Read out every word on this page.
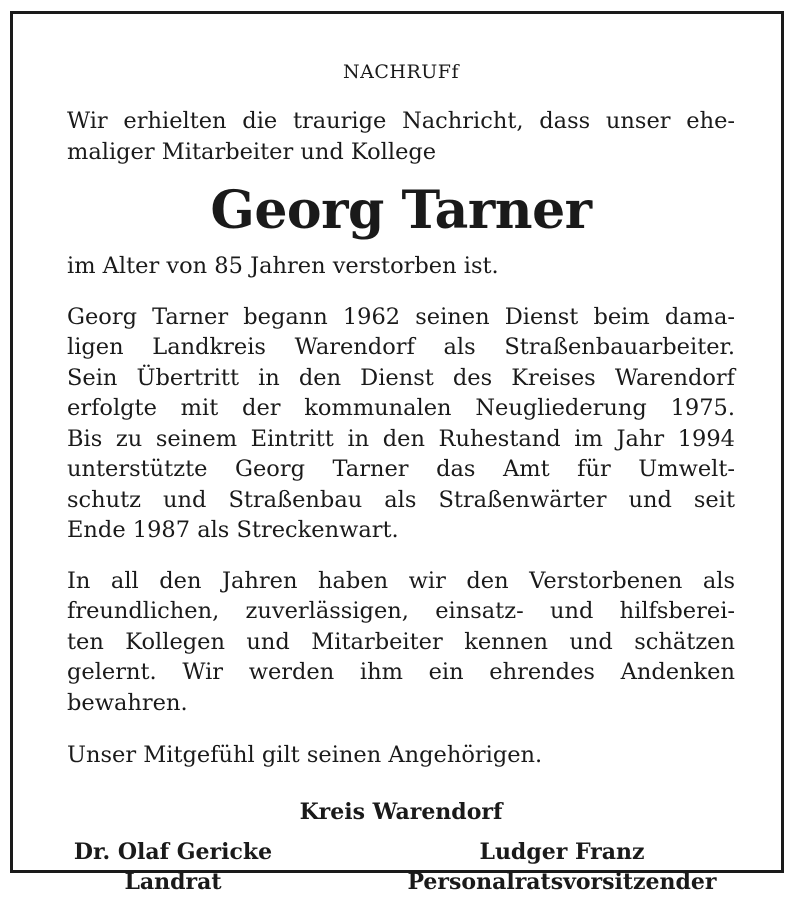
NACHRUFf

Wir erhielten die traurige Nachricht, dass unser ehe-
maliger Mitarbeiter und Kollege

Georg Tarner

im Alter von 85 Jahren verstorben ist.

Georg Tarner begann 1962 seinen Dienst beim dama-
ligen Landkreis Warendorf als Straßenbauarbeiter.
Sein Übertritt in den Dienst des Kreises Warendorf
erfolgte mit der kommunalen Neugliederung 1975.
Bis zu seinem Eintritt in den Ruhestand im Jahr 1994
unterstützte Georg Tarner das Amt für Umwelt-
schutz und Straßenbau als Straßenwärter und seit
Ende 1987 als Streckenwart.

In all den Jahren haben wir den Verstorbenen als
freundlichen, zuverlässigen, einsatz- und hilfsberei-
ten Kollegen und Mitarbeiter kennen und schätzen
gelernt. Wir werden ihm ein ehrendes Andenken
bewahren.

Unser Mitgefühl gilt seinen Angehörigen.

Kreis Warendorf
Dr. Olaf Gericke
Landrat
Ludger Franz
Personalratsvorsitzender
